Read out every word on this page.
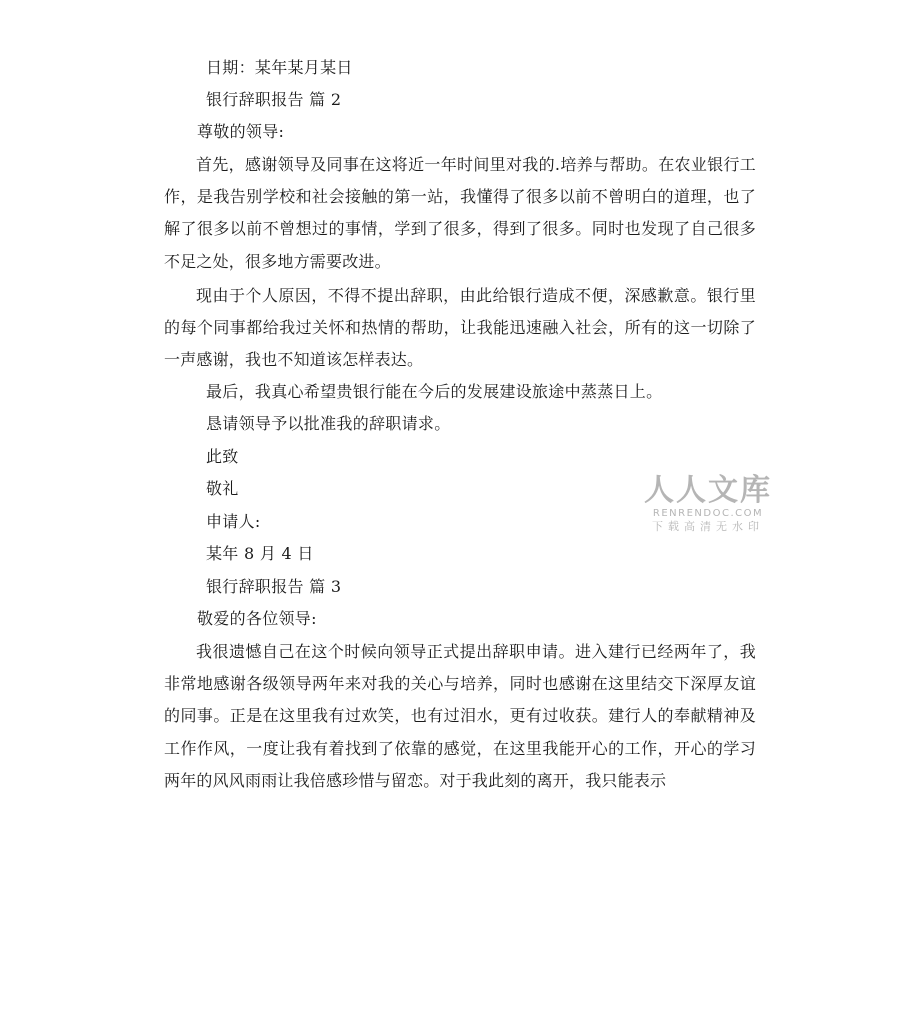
日期：某年某月某日
银行辞职报告 篇 2
尊敬的领导:
首先，感谢领导及同事在这将近一年时间里对我的.培养与帮助。在农业银行工作，是我告别学校和社会接触的第一站，我懂得了很多以前不曾明白的道理，也了解了很多以前不曾想过的事情，学到了很多，得到了很多。同时也发现了自己很多不足之处，很多地方需要改进。
现由于个人原因，不得不提出辞职，由此给银行造成不便，深感歉意。银行里的每个同事都给我过关怀和热情的帮助，让我能迅速融入社会，所有的这一切除了一声感谢，我也不知道该怎样表达。
最后，我真心希望贵银行能在今后的发展建设旅途中蒸蒸日上。
恳请领导予以批准我的辞职请求。
此致
敬礼
申请人:
某年 8 月 4 日
银行辞职报告 篇 3
敬爱的各位领导:
我很遗憾自己在这个时候向领导正式提出辞职申请。进入建行已经两年了，我非常地感谢各级领导两年来对我的关心与培养，同时也感谢在这里结交下深厚友谊的同事。正是在这里我有过欢笑，也有过泪水，更有过收获。建行人的奉献精神及工作作风，一度让我有着找到了依靠的感觉，在这里我能开心的工作，开心的学习两年的风风雨雨让我倍感珍惜与留恋。对于我此刻的离开，我只能表示
人人文库
RENRENDOC.COM
下载高清无水印
